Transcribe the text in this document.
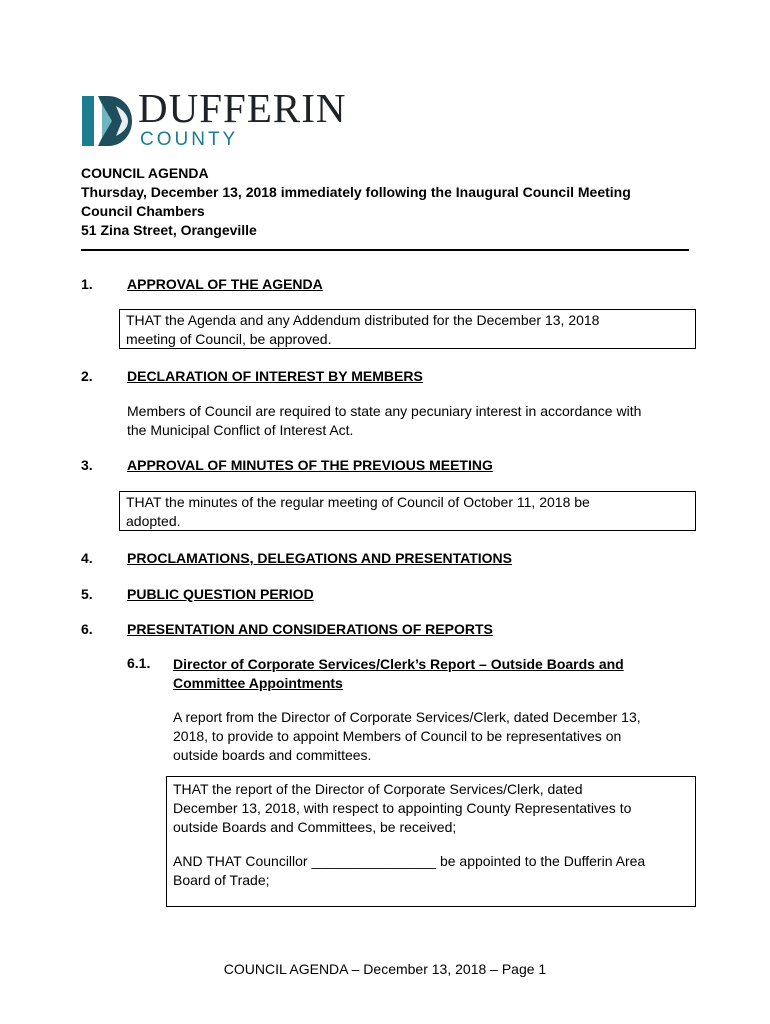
DUFFERIN
COUNTY
COUNCIL AGENDA
Thursday, December 13, 2018 immediately following the Inaugural Council Meeting
Council Chambers
51 Zina Street, Orangeville
1. APPROVAL OF THE AGENDA
THAT the Agenda and any Addendum distributed for the December 13, 2018
meeting of Council, be approved.
2. DECLARATION OF INTEREST BY MEMBERS
Members of Council are required to state any pecuniary interest in accordance with
the Municipal Conflict of Interest Act.
3. APPROVAL OF MINUTES OF THE PREVIOUS MEETING
THAT the minutes of the regular meeting of Council of October 11, 2018 be
adopted.
4. PROCLAMATIONS, DELEGATIONS AND PRESENTATIONS
5. PUBLIC QUESTION PERIOD
6. PRESENTATION AND CONSIDERATIONS OF REPORTS
6.1. Director of Corporate Services/Clerk’s Report – Outside Boards and
Committee Appointments
A report from the Director of Corporate Services/Clerk, dated December 13,
2018, to provide to appoint Members of Council to be representatives on
outside boards and committees.
THAT the report of the Director of Corporate Services/Clerk, dated
December 13, 2018, with respect to appointing County Representatives to
outside Boards and Committees, be received;
AND THAT Councillor ________________ be appointed to the Dufferin Area
Board of Trade;
COUNCIL AGENDA – December 13, 2018 – Page 1
